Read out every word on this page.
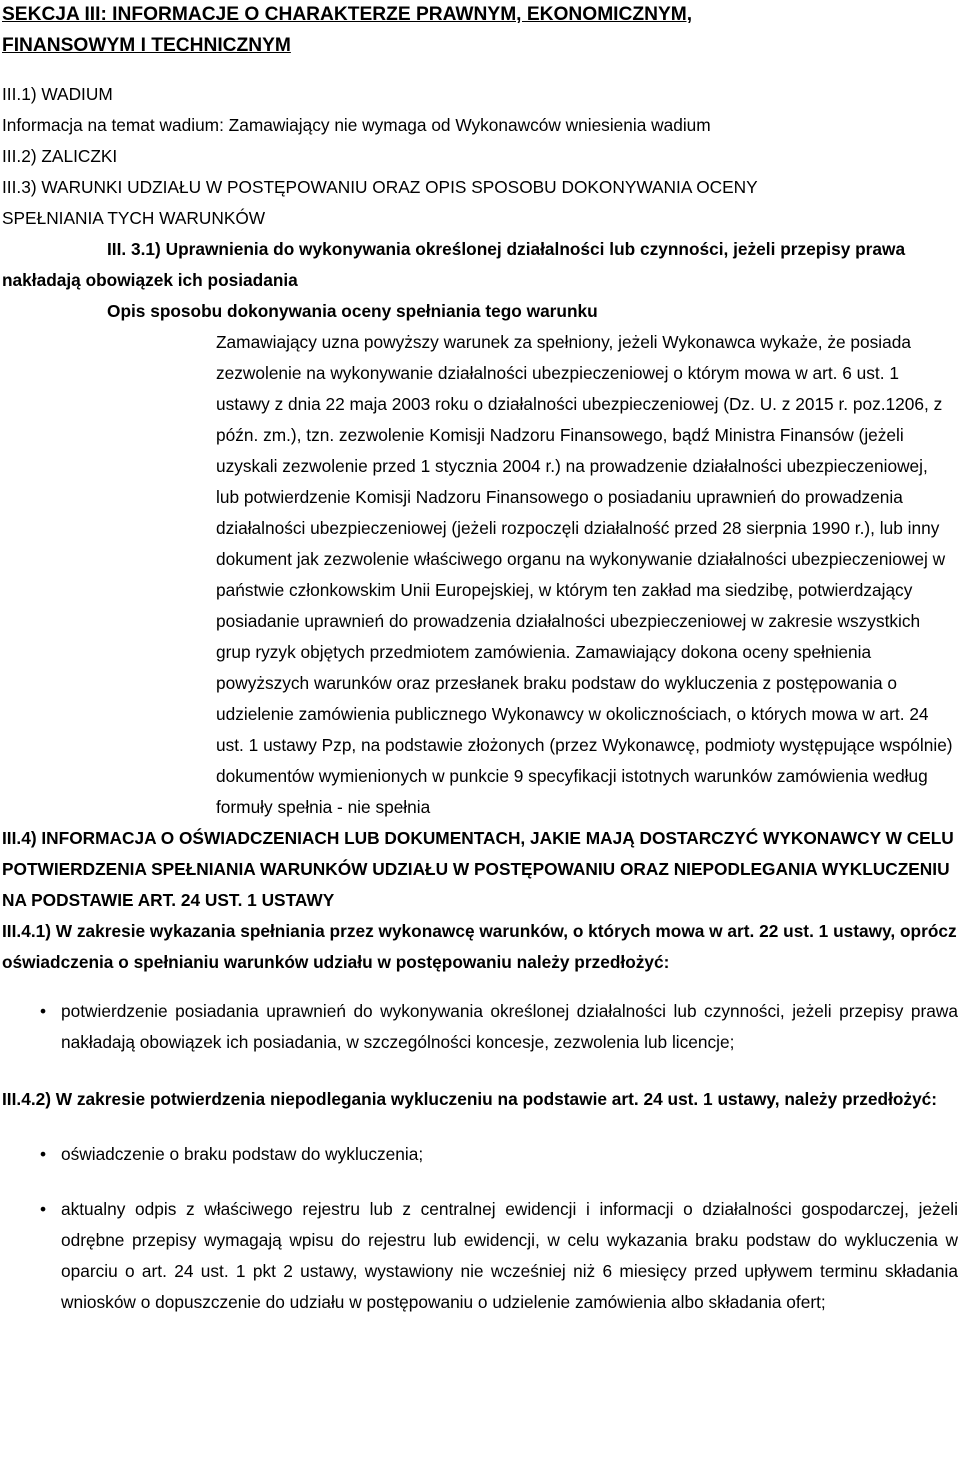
SEKCJA III: INFORMACJE O CHARAKTERZE PRAWNYM, EKONOMICZNYM,
FINANSOWYM I TECHNICZNYM

III.1) WADIUM

Informacja na temat wadium: Zamawiający nie wymaga od Wykonawców wniesienia wadium

III.2) ZALICZKI

III.3) WARUNKI UDZIAŁU W POSTĘPOWANIU ORAZ OPIS SPOSOBU DOKONYWANIA OCENY SPEŁNIANIA TYCH WARUNKÓW

III. 3.1) Uprawnienia do wykonywania określonej działalności lub czynności, jeżeli przepisy prawa nakładają obowiązek ich posiadania

Opis sposobu dokonywania oceny spełniania tego warunku

Zamawiający uzna powyższy warunek za spełniony, jeżeli Wykonawca wykaże, że posiada zezwolenie na wykonywanie działalności ubezpieczeniowej o którym mowa w art. 6 ust. 1 ustawy z dnia 22 maja 2003 roku o działalności ubezpieczeniowej (Dz. U. z 2015 r. poz.1206, z późn. zm.), tzn. zezwolenie Komisji Nadzoru Finansowego, bądź Ministra Finansów (jeżeli uzyskali zezwolenie przed 1 stycznia 2004 r.) na prowadzenie działalności ubezpieczeniowej, lub potwierdzenie Komisji Nadzoru Finansowego o posiadaniu uprawnień do prowadzenia działalności ubezpieczeniowej (jeżeli rozpoczęli działalność przed 28 sierpnia 1990 r.), lub inny dokument jak zezwolenie właściwego organu na wykonywanie działalności ubezpieczeniowej w państwie członkowskim Unii Europejskiej, w którym ten zakład ma siedzibę, potwierdzający posiadanie uprawnień do prowadzenia działalności ubezpieczeniowej w zakresie wszystkich grup ryzyk objętych przedmiotem zamówienia. Zamawiający dokona oceny spełnienia powyższych warunków oraz przesłanek braku podstaw do wykluczenia z postępowania o udzielenie zamówienia publicznego Wykonawcy w okolicznościach, o których mowa w art. 24 ust. 1 ustawy Pzp, na podstawie złożonych (przez Wykonawcę, podmioty występujące wspólnie) dokumentów wymienionych w punkcie 9 specyfikacji istotnych warunków zamówienia według formuły spełnia - nie spełnia

III.4) INFORMACJA O OŚWIADCZENIACH LUB DOKUMENTACH, JAKIE MAJĄ DOSTARCZYĆ WYKONAWCY W CELU POTWIERDZENIA SPEŁNIANIA WARUNKÓW UDZIAŁU W POSTĘPOWANIU ORAZ NIEPODLEGANIA WYKLUCZENIU NA PODSTAWIE ART. 24 UST. 1 USTAWY

III.4.1) W zakresie wykazania spełniania przez wykonawcę warunków, o których mowa w art. 22 ust. 1 ustawy, oprócz oświadczenia o spełnianiu warunków udziału w postępowaniu należy przedłożyć:

• potwierdzenie posiadania uprawnień do wykonywania określonej działalności lub czynności, jeżeli przepisy prawa nakładają obowiązek ich posiadania, w szczególności koncesje, zezwolenia lub licencje;

III.4.2) W zakresie potwierdzenia niepodlegania wykluczeniu na podstawie art. 24 ust. 1 ustawy, należy przedłożyć:

• oświadczenie o braku podstaw do wykluczenia;
• aktualny odpis z właściwego rejestru lub z centralnej ewidencji i informacji o działalności gospodarczej, jeżeli odrębne przepisy wymagają wpisu do rejestru lub ewidencji, w celu wykazania braku podstaw do wykluczenia w oparciu o art. 24 ust. 1 pkt 2 ustawy, wystawiony nie wcześniej niż 6 miesięcy przed upływem terminu składania wniosków o dopuszczenie do udziału w postępowaniu o udzielenie zamówienia albo składania ofert;
